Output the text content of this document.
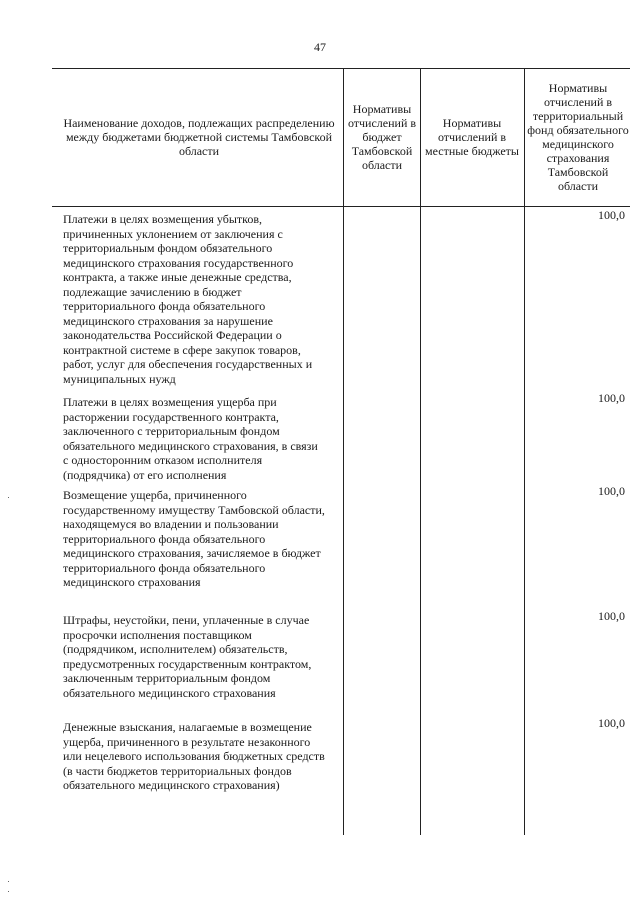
47
Наименование доходов, подлежащих распределению между бюджетами бюджетной системы Тамбовской области
Нормативы отчислений в бюджет Тамбовской области
Нормативы отчислений в местные бюджеты
Нормативы отчислений в территориальный фонд обязательного медицинского страхования Тамбовской области
Платежи в целях возмещения убытков, причиненных уклонением от заключения с территориальным фондом обязательного медицинского страхования государственного контракта, а также иные денежные средства, подлежащие зачислению в бюджет территориального фонда обязательного медицинского страхования за нарушение законодательства Российской Федерации о контрактной системе в сфере закупок товаров, работ, услуг для обеспечения государственных и муниципальных нужд
100,0
Платежи в целях возмещения ущерба при расторжении государственного контракта, заключенного с территориальным фондом обязательного медицинского страхования, в связи с односторонним отказом исполнителя (подрядчика) от его исполнения
100,0
Возмещение ущерба, причиненного государственному имуществу Тамбовской области, находящемуся во владении и пользовании территориального фонда обязательного медицинского страхования, зачисляемое в бюджет территориального фонда обязательного медицинского страхования
100,0
Штрафы, неустойки, пени, уплаченные в случае просрочки исполнения поставщиком (подрядчиком, исполнителем) обязательств, предусмотренных государственным контрактом, заключенным территориальным фондом обязательного медицинского страхования
100,0
Денежные взыскания, налагаемые в возмещение ущерба, причиненного в результате незаконного или нецелевого использования бюджетных средств (в части бюджетов территориальных фондов обязательного медицинского страхования)
100,0
